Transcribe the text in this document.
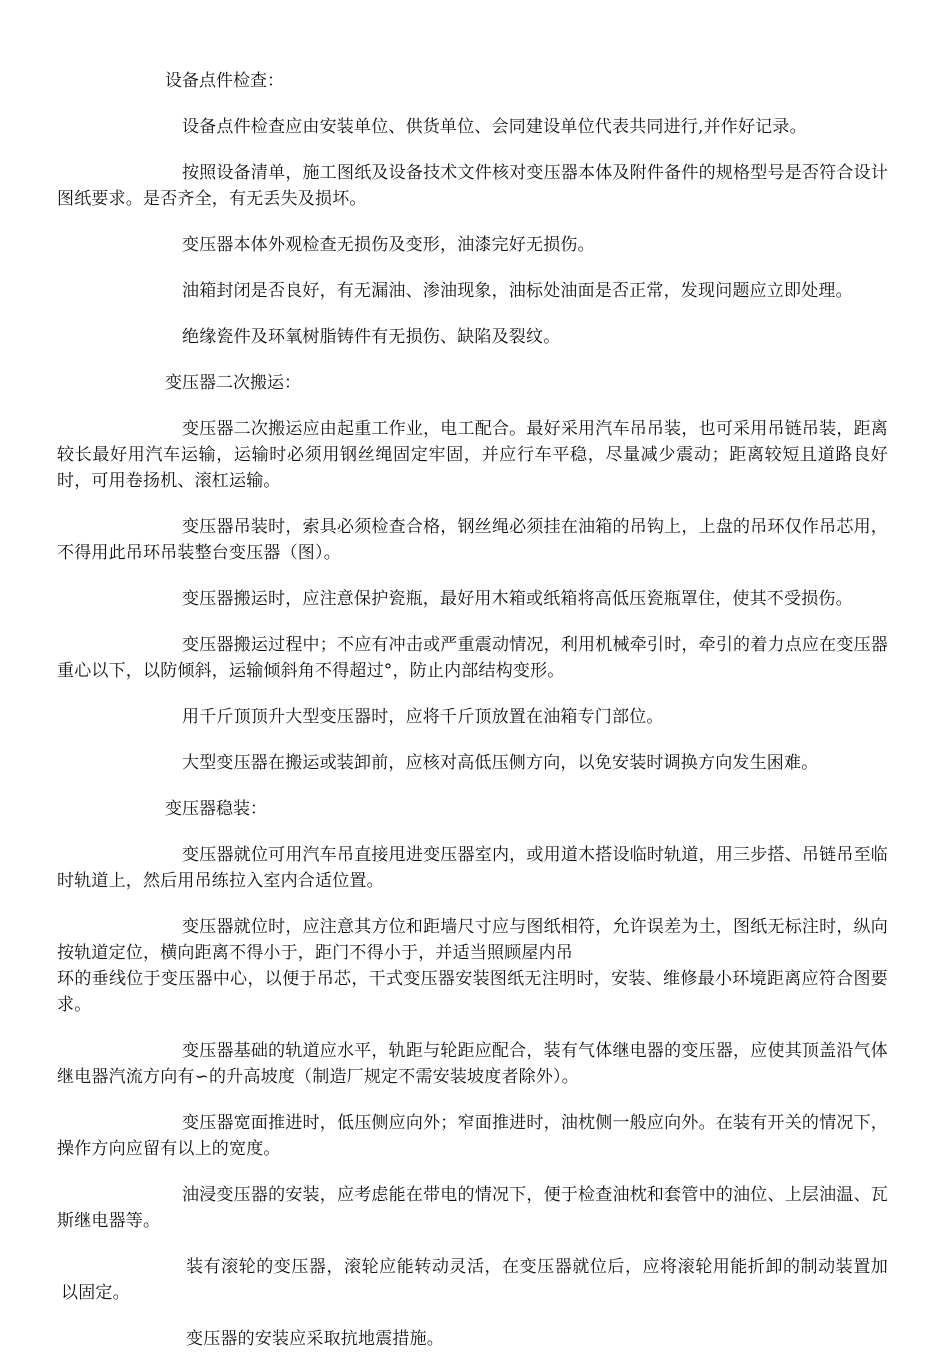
设备点件检查：

设备点件检查应由安装单位、供货单位、会同建设单位代表共同进行,并作好记录。

按照设备清单，施工图纸及设备技术文件核对变压器本体及附件备件的规格型号是否符合设计图纸要求。是否齐全，有无丢失及损坏。

变压器本体外观检查无损伤及变形，油漆完好无损伤。

油箱封闭是否良好，有无漏油、渗油现象，油标处油面是否正常，发现问题应立即处理。

绝缘瓷件及环氧树脂铸件有无损伤、缺陷及裂纹。

变压器二次搬运：

变压器二次搬运应由起重工作业，电工配合。最好采用汽车吊吊装，也可采用吊链吊装，距离较长最好用汽车运输，运输时必须用钢丝绳固定牢固，并应行车平稳，尽量减少震动；距离较短且道路良好时，可用卷扬机、滚杠运输。

变压器吊装时，索具必须检查合格，钢丝绳必须挂在油箱的吊钩上，上盘的吊环仅作吊芯用，不得用此吊环吊装整台变压器（图）。

变压器搬运时，应注意保护瓷瓶，最好用木箱或纸箱将高低压瓷瓶罩住，使其不受损伤。

变压器搬运过程中；不应有冲击或严重震动情况，利用机械牵引时，牵引的着力点应在变压器重心以下，以防倾斜，运输倾斜角不得超过°，防止内部结构变形。

用千斤顶顶升大型变压器时，应将千斤顶放置在油箱专门部位。

大型变压器在搬运或装卸前，应核对高低压侧方向，以免安装时调换方向发生困难。

变压器稳装：

变压器就位可用汽车吊直接甩进变压器室内，或用道木搭设临时轨道，用三步搭、吊链吊至临时轨道上，然后用吊练拉入室内合适位置。

变压器就位时，应注意其方位和距墙尺寸应与图纸相符，允许误差为土，图纸无标注时，纵向按轨道定位，横向距离不得小于，距门不得小于，并适当照顾屋内吊

环的垂线位于变压器中心，以便于吊芯，干式变压器安装图纸无注明时，安装、维修最小环境距离应符合图要求。

变压器基础的轨道应水平，轨距与轮距应配合，装有气体继电器的变压器，应使其顶盖沿气体继电器汽流方向有∽的升高坡度（制造厂规定不需安装坡度者除外）。

变压器宽面推进时，低压侧应向外；窄面推进时，油枕侧一般应向外。在装有开关的情况下，操作方向应留有以上的宽度。

油浸变压器的安装，应考虑能在带电的情况下，便于检查油枕和套管中的油位、上层油温、瓦斯继电器等。

装有滚轮的变压器，滚轮应能转动灵活，在变压器就位后，应将滚轮用能折卸的制动装置加以固定。

变压器的安装应采取抗地震措施。
